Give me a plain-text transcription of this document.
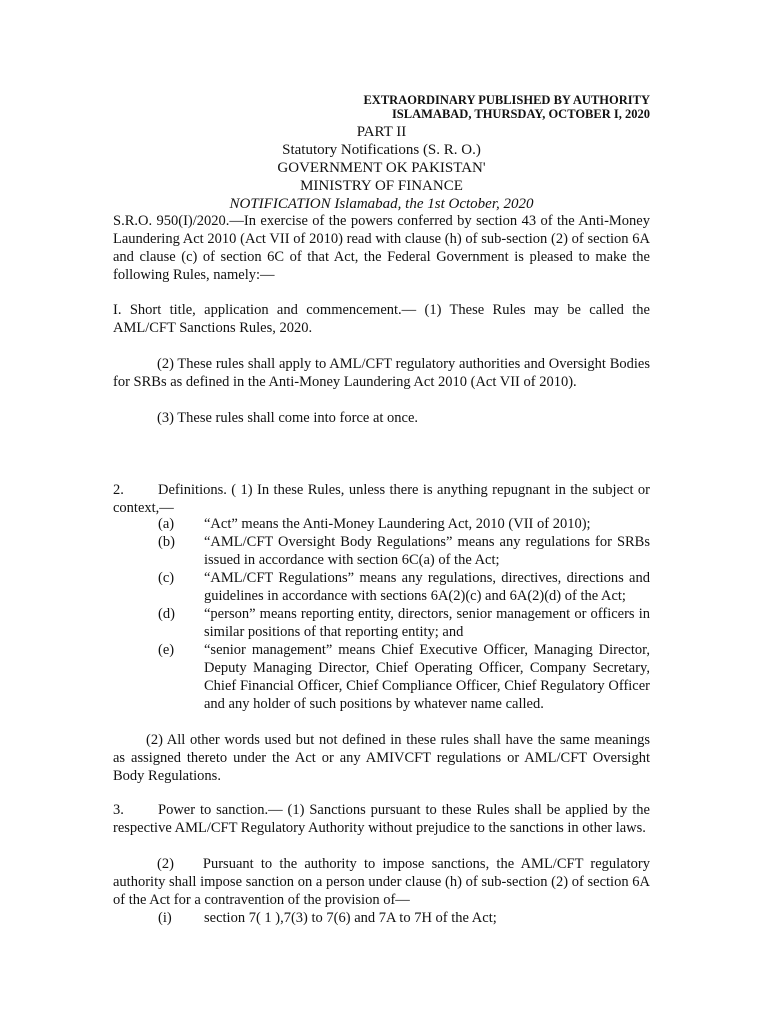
EXTRAORDINARY PUBLISHED BY AUTHORITY
ISLAMABAD, THURSDAY, OCTOBER I, 2020
PART II
Statutory Notifications (S. R. O.)
GOVERNMENT OK PAKISTAN'
MINISTRY OF FINANCE
NOTIFICATION Islamabad, the 1st October, 2020
S.R.O. 950(I)/2020.—In exercise of the powers conferred by section 43 of the Anti-Money Laundering Act 2010 (Act VII of 2010) read with clause (h) of sub-section (2) of section 6A and clause (c) of section 6C of that Act, the Federal Government is pleased to make the following Rules, namely:—
I. Short title, application and commencement.— (1) These Rules may be called the AML/CFT Sanctions Rules, 2020.
(2) These rules shall apply to AML/CFT regulatory authorities and Oversight Bodies for SRBs as defined in the Anti-Money Laundering Act 2010 (Act VII of 2010).
(3) These rules shall come into force at once.
2. Definitions. ( 1) In these Rules, unless there is anything repugnant in the subject or context,—
(a) “Act” means the Anti-Money Laundering Act, 2010 (VII of 2010);
(b) “AML/CFT Oversight Body Regulations” means any regulations for SRBs issued in accordance with section 6C(a) of the Act;
(c) “AML/CFT Regulations” means any regulations, directives, directions and guidelines in accordance with sections 6A(2)(c) and 6A(2)(d) of the Act;
(d) “person” means reporting entity, directors, senior management or officers in similar positions of that reporting entity; and
(e) “senior management” means Chief Executive Officer, Managing Director, Deputy Managing Director, Chief Operating Officer, Company Secretary, Chief Financial Officer, Chief Compliance Officer, Chief Regulatory Officer and any holder of such positions by whatever name called.
(2) All other words used but not defined in these rules shall have the same meanings as assigned thereto under the Act or any AMIVCFT regulations or AML/CFT Oversight Body Regulations.
3. Power to sanction.— (1) Sanctions pursuant to these Rules shall be applied by the respective AML/CFT Regulatory Authority without prejudice to the sanctions in other laws.
(2)  Pursuant to the authority to impose sanctions, the AML/CFT regulatory authority shall impose sanction on a person under clause (h) of sub-section (2) of section 6A of the Act for a contravention of the provision of—
(i) section 7( 1 ),7(3) to 7(6) and 7A to 7H of the Act;
